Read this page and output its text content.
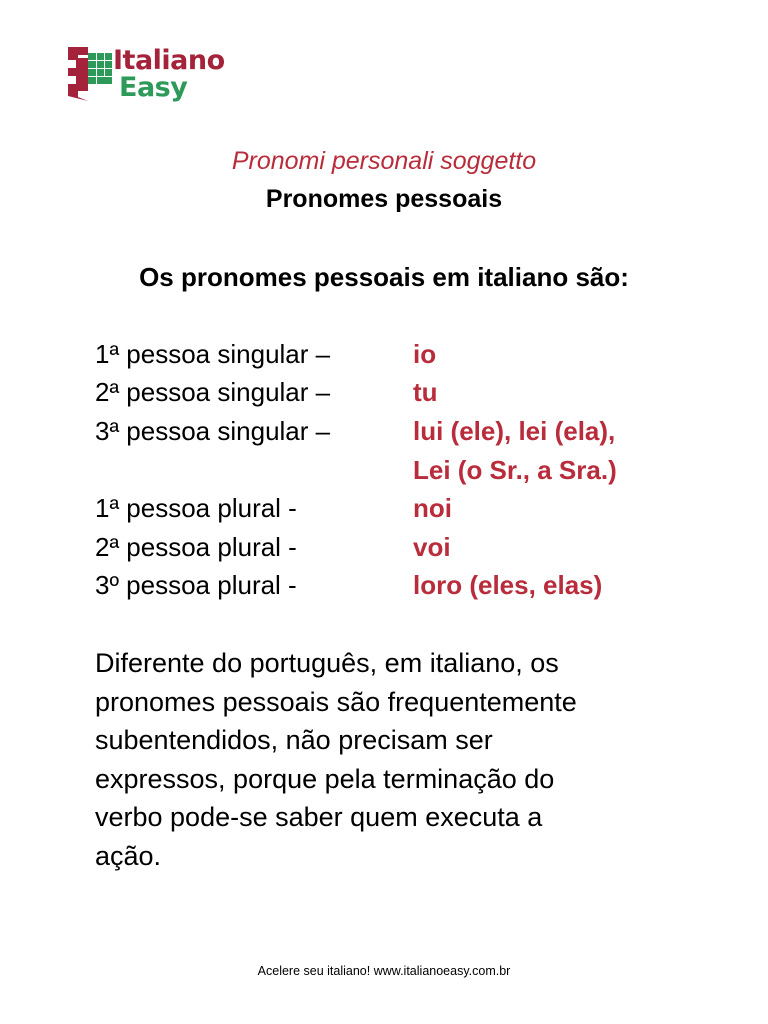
Italiano
Easy
Pronomi personali soggetto
Pronomes pessoais
Os pronomes pessoais em italiano são:
1ª pessoa singular –	io
2ª pessoa singular –	tu
3ª pessoa singular –	lui (ele), lei (ela),
Lei (o Sr., a Sra.)
1ª pessoa plural -	noi
2ª pessoa plural -	voi
3º pessoa plural -	loro (eles, elas)
Diferente do português, em italiano, os
pronomes pessoais são frequentemente
subentendidos, não precisam ser
expressos, porque pela terminação do
verbo pode-se saber quem executa a
ação.
Acelere seu italiano! www.italianoeasy.com.br
